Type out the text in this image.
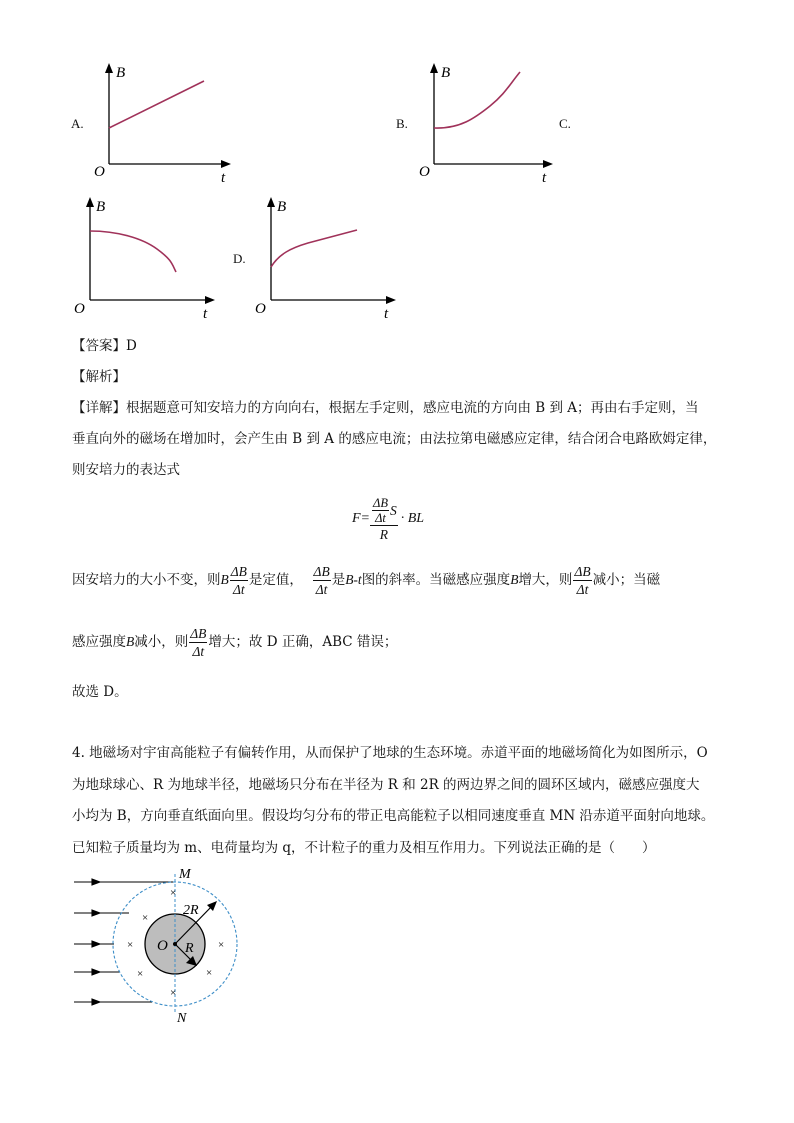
A.
B
t
O
B.
B
t
O
C.
B
t
O
D.
B
t
O
【答案】D
【解析】
【详解】根据题意可知安培力的方向向右，根据左手定则，感应电流的方向由 B 到 A；再由右手定则，当
垂直向外的磁场在增加时，会产生由 B 到 A 的感应电流；由法拉第电磁感应定律，结合闭合电路欧姆定律，
则安培力的表达式
$F= \frac{\frac{\Delta B}{\Delta t} S}{R}$ · BL
因安培力的大小不变，则B $\frac{\Delta B}{\Delta t}$ 是定值， $\frac{\Delta B}{\Delta t}$ 是B-t图的斜率。当磁感应强度B增大，则 $\frac{\Delta B}{\Delta t}$ 减小；当磁
感应强度B减小，则 $\frac{\Delta B}{\Delta t}$ 增大；故 D 正确，ABC 错误；
故选 D。
4. 地磁场对宇宙高能粒子有偏转作用，从而保护了地球的生态环境。赤道平面的地磁场简化为如图所示，O
为地球球心、R 为地球半径，地磁场只分布在半径为 R 和 2R 的两边界之间的圆环区域内，磁感应强度大
小均为 B，方向垂直纸面向里。假设均匀分布的带正电高能粒子以相同速度垂直 MN 沿赤道平面射向地球。
已知粒子质量均为 m、电荷量均为 q，不计粒子的重力及相互作用力。下列说法正确的是（　　）
×
×
×
×
×
×
×
M
N
O R
2R
